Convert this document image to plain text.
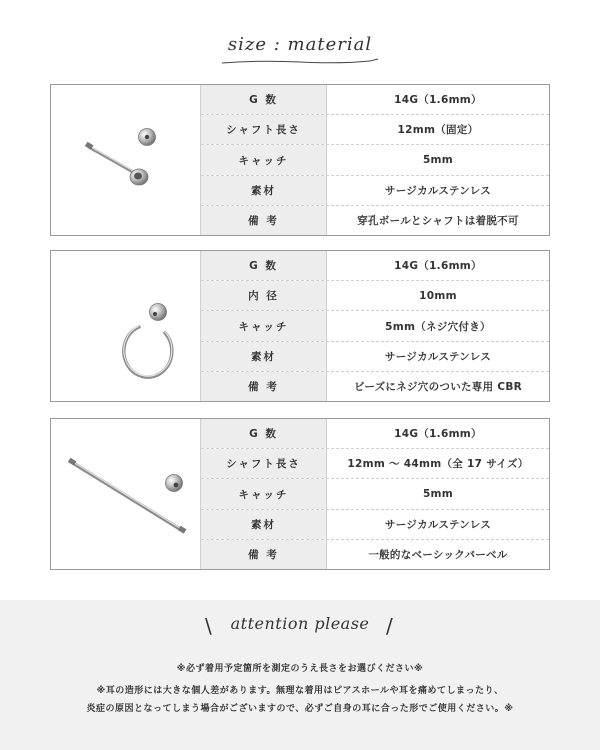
size : material
G 数	14G（1.6mm）
シャフト長さ	12mm（固定）
キャッチ	5mm
素材	サージカルステンレス
備 考	穿孔ボールとシャフトは着脱不可
G 数	14G（1.6mm）
内 径	10mm
キャッチ	5mm（ネジ穴付き）
素材	サージカルステンレス
備 考	ビーズにネジ穴のついた専用 CBR
G 数	14G（1.6mm）
シャフト長さ	12mm 〜 44mm（全 17 サイズ）
キャッチ	5mm
素材	サージカルステンレス
備 考	一般的なベーシックバーベル
\	attention please /

※必ず着用予定箇所を測定のうえ長さをお選びください※

※耳の造形には大きな個人差があります。無理な着用はピアスホールや耳を痛めてしまったり、

炎症の原因となってしまう場合がございますので、必ずご自身の耳に合った形でご使用ください。※
